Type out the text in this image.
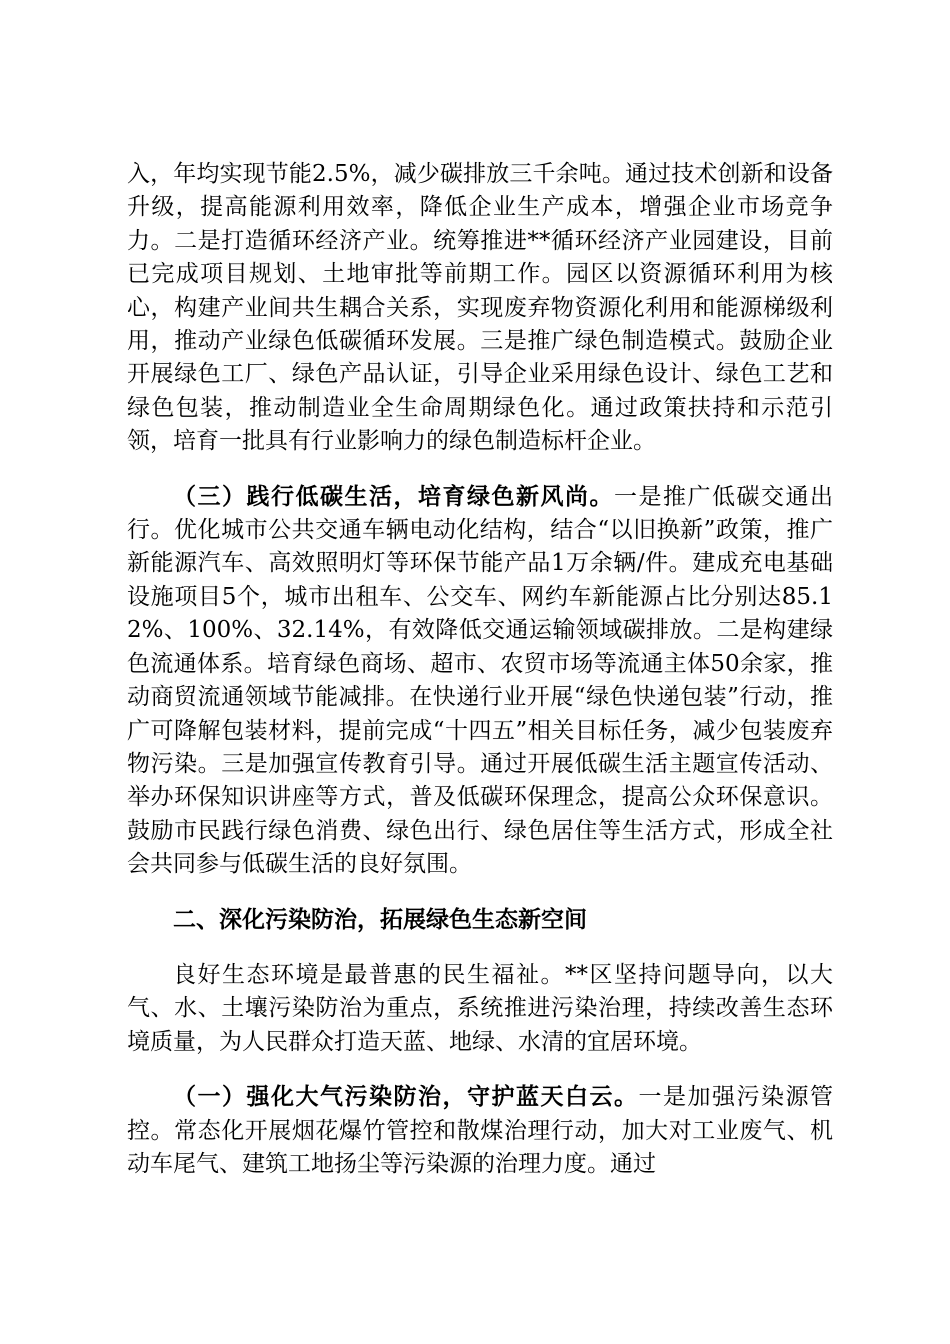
入，年均实现节能2.5%，减少碳排放三千余吨。通过技术创新和设备升级，提高能源利用效率，降低企业生产成本，增强企业市场竞争力。二是打造循环经济产业。统筹推进**循环经济产业园建设，目前已完成项目规划、土地审批等前期工作。园区以资源循环利用为核心，构建产业间共生耦合关系，实现废弃物资源化利用和能源梯级利用，推动产业绿色低碳循环发展。三是推广绿色制造模式。鼓励企业开展绿色工厂、绿色产品认证，引导企业采用绿色设计、绿色工艺和绿色包装，推动制造业全生命周期绿色化。通过政策扶持和示范引领，培育一批具有行业影响力的绿色制造标杆企业。

（三）践行低碳生活，培育绿色新风尚。一是推广低碳交通出行。优化城市公共交通车辆电动化结构，结合“以旧换新”政策，推广新能源汽车、高效照明灯等环保节能产品1万余辆/件。建成充电基础设施项目5个，城市出租车、公交车、网约车新能源占比分别达85.12%、100%、32.14%，有效降低交通运输领域碳排放。二是构建绿色流通体系。培育绿色商场、超市、农贸市场等流通主体50余家，推动商贸流通领域节能减排。在快递行业开展“绿色快递包装”行动，推广可降解包装材料，提前完成“十四五”相关目标任务，减少包装废弃物污染。三是加强宣传教育引导。通过开展低碳生活主题宣传活动、举办环保知识讲座等方式，普及低碳环保理念，提高公众环保意识。鼓励市民践行绿色消费、绿色出行、绿色居住等生活方式，形成全社会共同参与低碳生活的良好氛围。

二、深化污染防治，拓展绿色生态新空间

良好生态环境是最普惠的民生福祉。**区坚持问题导向，以大气、水、土壤污染防治为重点，系统推进污染治理，持续改善生态环境质量，为人民群众打造天蓝、地绿、水清的宜居环境。

（一）强化大气污染防治，守护蓝天白云。一是加强污染源管控。常态化开展烟花爆竹管控和散煤治理行动，加大对工业废气、机动车尾气、建筑工地扬尘等污染源的治理力度。通过
